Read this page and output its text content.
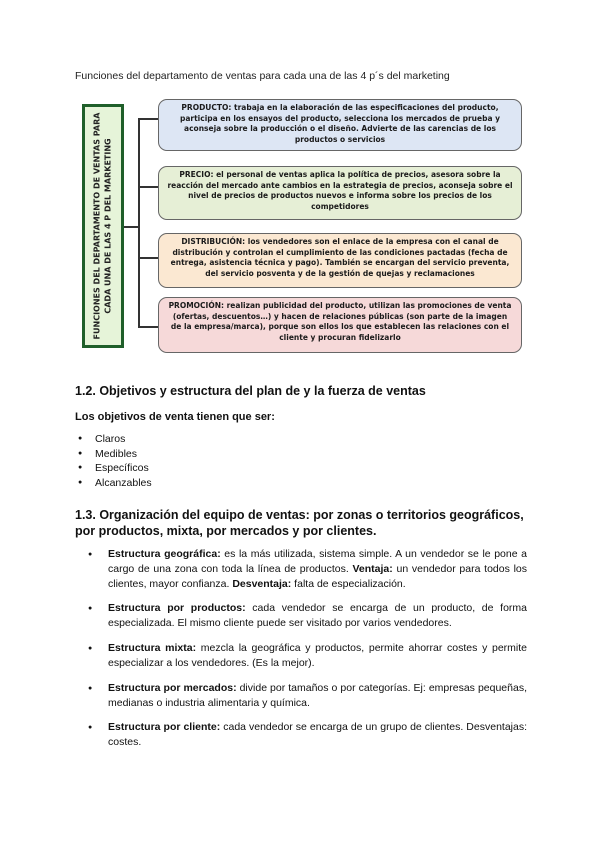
Funciones del departamento de ventas para cada una de las 4 p´s del marketing
FUNCIONES DEL DEPARTAMENTO DE VENTAS PARA CADA UNA DE LAS 4 P DEL MARKETING
PRODUCTO: trabaja en la elaboración de las especificaciones del producto, participa en los ensayos del producto, selecciona los mercados de prueba y aconseja sobre la producción o el diseño. Advierte de las carencias de los productos o servicios
PRECIO: el personal de ventas aplica la política de precios, asesora sobre la reacción del mercado ante cambios en la estrategia de precios, aconseja sobre el nivel de precios de productos nuevos e informa sobre los precios de los competidores
DISTRIBUCIÓN: los vendedores son el enlace de la empresa con el canal de distribución y controlan el cumplimiento de las condiciones pactadas (fecha de entrega, asistencia técnica y pago). También se encargan del servicio preventa, del servicio posventa y de la gestión de quejas y reclamaciones
PROMOCIÓN: realizan publicidad del producto, utilizan las promociones de venta (ofertas, descuentos…) y hacen de relaciones públicas (son parte de la imagen de la empresa/marca), porque son ellos los que establecen las relaciones con el cliente y procuran fidelizarlo
1.2. Objetivos y estructura del plan de y la fuerza de ventas
Los objetivos de venta tienen que ser:
● Claros
● Medibles
● Específicos
● Alcanzables
1.3. Organización del equipo de ventas: por zonas o territorios geográficos, por productos, mixta, por mercados y por clientes.
● Estructura geográfica: es la más utilizada, sistema simple. A un vendedor se le pone a cargo de una zona con toda la línea de productos. Ventaja: un vendedor para todos los clientes, mayor confianza. Desventaja: falta de especialización.
● Estructura por productos: cada vendedor se encarga de un producto, de forma especializada. El mismo cliente puede ser visitado por varios vendedores.
● Estructura mixta: mezcla la geográfica y productos, permite ahorrar costes y permite especializar a los vendedores. (Es la mejor).
● Estructura por mercados: divide por tamaños o por categorías. Ej: empresas pequeñas, medianas o industria alimentaria y química.
● Estructura por cliente: cada vendedor se encarga de un grupo de clientes. Desventajas: costes.
